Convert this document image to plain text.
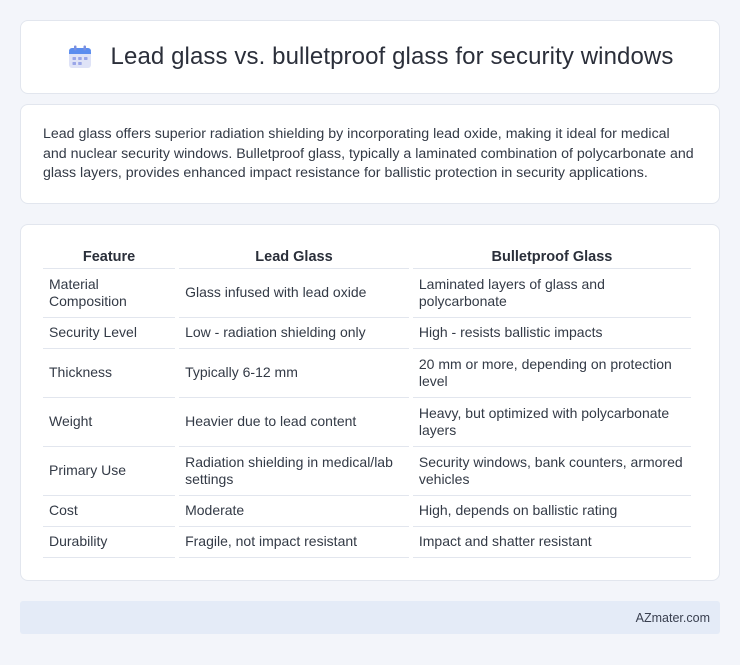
Lead glass vs. bulletproof glass for security windows

Lead glass offers superior radiation shielding by incorporating lead oxide, making it ideal for medical and nuclear security windows. Bulletproof glass, typically a laminated combination of polycarbonate and glass layers, provides enhanced impact resistance for ballistic protection in security applications.

Feature	Lead Glass	Bulletproof Glass
Material Composition	Glass infused with lead oxide	Laminated layers of glass and polycarbonate
Security Level	Low - radiation shielding only	High - resists ballistic impacts
Thickness	Typically 6-12 mm	20 mm or more, depending on protection level
Weight	Heavier due to lead content	Heavy, but optimized with polycarbonate layers
Primary Use	Radiation shielding in medical/lab settings	Security windows, bank counters, armored vehicles
Cost	Moderate	High, depends on ballistic rating
Durability	Fragile, not impact resistant	Impact and shatter resistant
AZmater.com
